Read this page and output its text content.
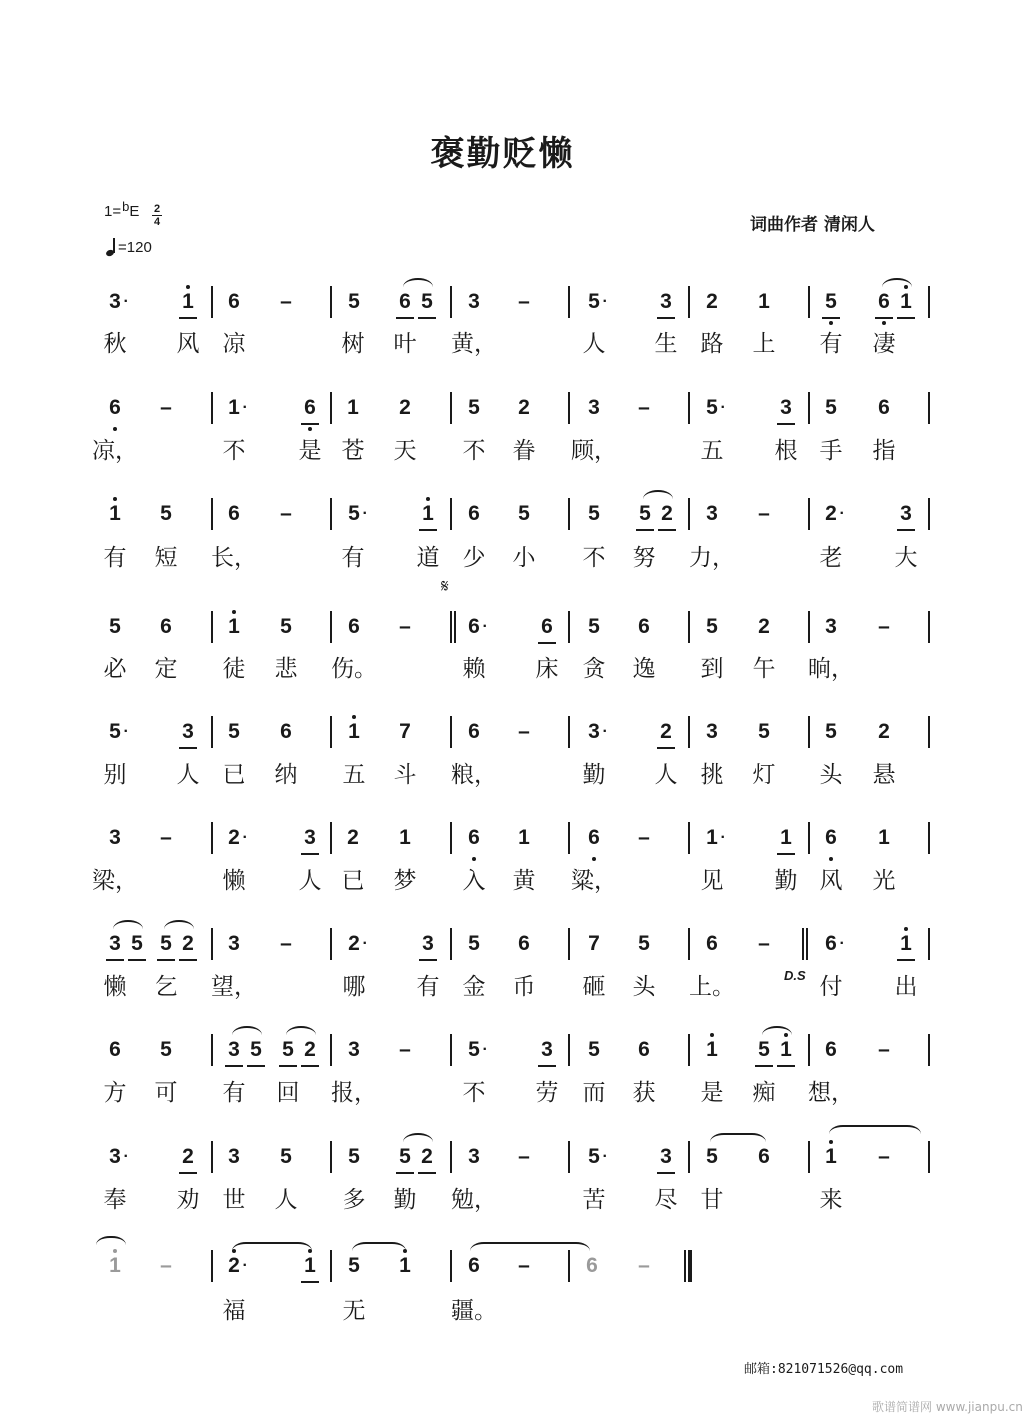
褒勤贬懒
$1=bE \frac{2}{4}$
=120
词曲作者 清闲人
3 ·	1 6 –	5 6 5 3 –	5 · 3 2 1	5 6 1
秋 风 凉	树 叶 黄，	人 生 路 上 有 凄
6 –	1 ·	6 1 2	5 2	3 –	5 ·	3 5 6
凉，	不 是 苍 天 不 眷 顾，	五 根 手 指
1 5	6 –	5 ·	1 6 5	5 5 2 3 –	2 ·	3
有 短 长，	有 道 少 小 不 努 力，	老 大
5 6	1 5	6 –	6 ·	6 5 6	5 2	3 –
必 定 徒 悲 伤。	赖 床 贪 逸 到 午 晌，
5 ·	3 5 6	1 7	6 –	3 · 2 3 5	5 2
别 人 已 纳 五 斗 粮，	勤 人 挑 灯 头 悬
3 –	2 ·	3 2 1	6 1	6 –	1 ·	1 6 1
梁，	懒 人 已 梦 入 黄 粱，	见 勤 风 光
3 5 5 2 3 –	2 ·	3 5 6	7 5	6 –	6 ·	1
懒 乞 望，	哪 有 金 币 砸 头 上。	付 出
6 5	3 5 5 2 3 –	5 ·	3 5 6	1 5 1 6 –
方 可 有 回 报，	不 劳 而 获 是 痴 想，
3 ·	2 3 5	5 5 2 3 –	5 · 3 5 6	1 –
奉 劝 世 人 多 勤 勉，	苦 尽 甘	来
1 –	2 ·	1 5 1	6 –	6 –
福	无	疆。
𝄋
D.S
邮箱:821071526@qq.com
歌谱简谱网 www.jianpu.cn
